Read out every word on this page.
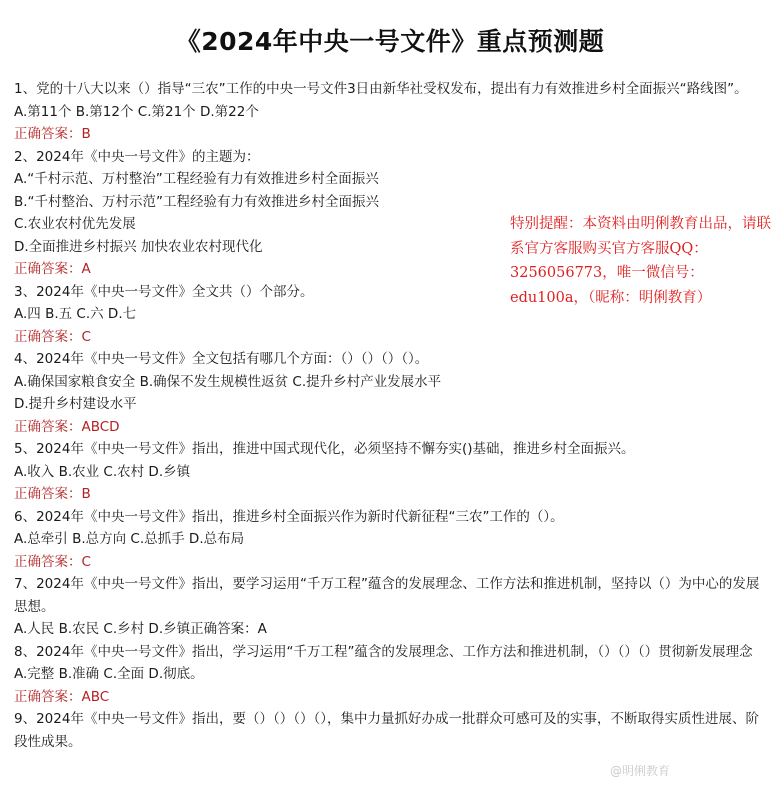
《2024年中央一号文件》重点预测题
1、党的十八大以来（）指导“三农”工作的中央一号文件3日由新华社受权发布，提出有力有效推进乡村全面振兴“路线图”。
A.第11个 B.第12个 C.第21个 D.第22个
正确答案：B
2、2024年《中央一号文件》的主题为：
A.“千村示范、万村整治”工程经验有力有效推进乡村全面振兴
B.“千村整治、万村示范”工程经验有力有效推进乡村全面振兴
C.农业农村优先发展
D.全面推进乡村振兴 加快农业农村现代化
正确答案：A
3、2024年《中央一号文件》全文共（）个部分。
A.四 B.五 C.六 D.七
正确答案：C
4、2024年《中央一号文件》全文包括有哪几个方面：（）（）（）（）。
A.确保国家粮食安全 B.确保不发生规模性返贫 C.提升乡村产业发展水平
D.提升乡村建设水平
正确答案：ABCD
5、2024年《中央一号文件》指出，推进中国式现代化，必须坚持不懈夯实()基础，推进乡村全面振兴。
A.收入 B.农业 C.农村 D.乡镇
正确答案：B
6、2024年《中央一号文件》指出，推进乡村全面振兴作为新时代新征程“三农”工作的（）。
A.总牵引 B.总方向 C.总抓手 D.总布局
正确答案：C
7、2024年《中央一号文件》指出，要学习运用“千万工程”蕴含的发展理念、工作方法和推进机制，坚持以（）为中心的发展思想。
A.人民 B.农民 C.乡村 D.乡镇正确答案：A
8、2024年《中央一号文件》指出，学习运用“千万工程”蕴含的发展理念、工作方法和推进机制，（）（）（）贯彻新发展理念
A.完整 B.准确 C.全面 D.彻底。
正确答案：ABC
9、2024年《中央一号文件》指出，要（）（）（）（），集中力量抓好办成一批群众可感可及的实事，不断取得实质性进展、阶段性成果。
特别提醒：本资料由明俐教育出品，请联系官方客服购买官方客服QQ：3256056773，唯一微信号：edu100a，（昵称：明俐教育）
@明俐教育
